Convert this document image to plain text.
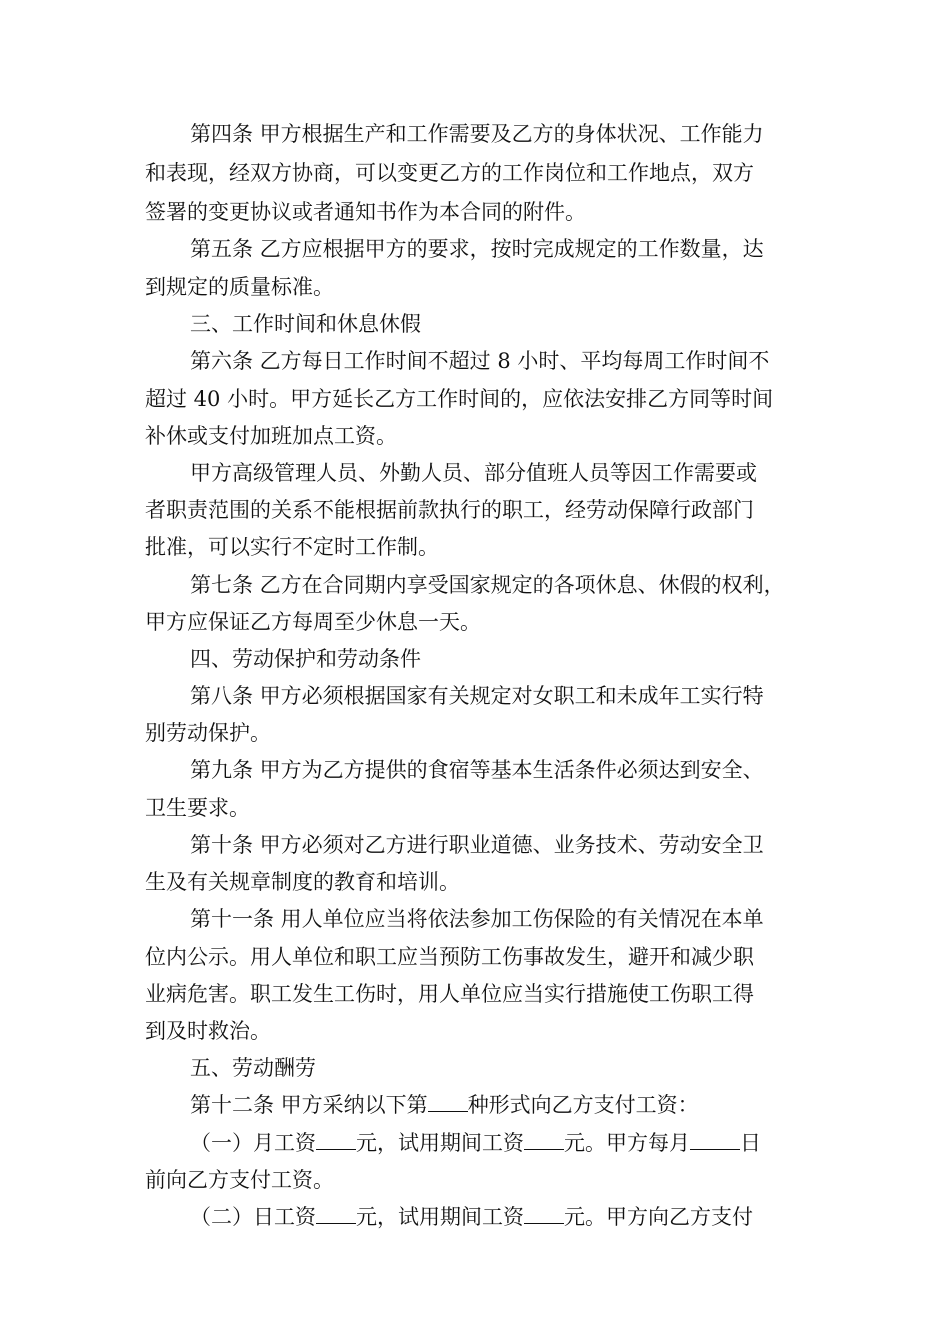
第四条 甲方根据生产和工作需要及乙方的身体状况、工作能力
和表现，经双方协商，可以变更乙方的工作岗位和工作地点，双方
签署的变更协议或者通知书作为本合同的附件。
第五条 乙方应根据甲方的要求，按时完成规定的工作数量，达
到规定的质量标准。
三、工作时间和休息休假
第六条 乙方每日工作时间不超过 8 小时、平均每周工作时间不
超过 40 小时。甲方延长乙方工作时间的，应依法安排乙方同等时间
补休或支付加班加点工资。
甲方高级管理人员、外勤人员、部分值班人员等因工作需要或
者职责范围的关系不能根据前款执行的职工，经劳动保障行政部门
批准，可以实行不定时工作制。
第七条 乙方在合同期内享受国家规定的各项休息、休假的权利，
甲方应保证乙方每周至少休息一天。
四、劳动保护和劳动条件
第八条 甲方必须根据国家有关规定对女职工和未成年工实行特
别劳动保护。
第九条 甲方为乙方提供的食宿等基本生活条件必须达到安全、
卫生要求。
第十条 甲方必须对乙方进行职业道德、业务技术、劳动安全卫
生及有关规章制度的教育和培训。
第十一条 用人单位应当将依法参加工伤保险的有关情况在本单
位内公示。用人单位和职工应当预防工伤事故发生，避开和减少职
业病危害。职工发生工伤时，用人单位应当实行措施使工伤职工得
到及时救治。
五、劳动酬劳
第十二条 甲方采纳以下第 种形式向乙方支付工资：
（一）月工资 元，试用期间工资 元。甲方每月 日
前向乙方支付工资。
（二）日工资 元，试用期间工资 元。甲方向乙方支付
